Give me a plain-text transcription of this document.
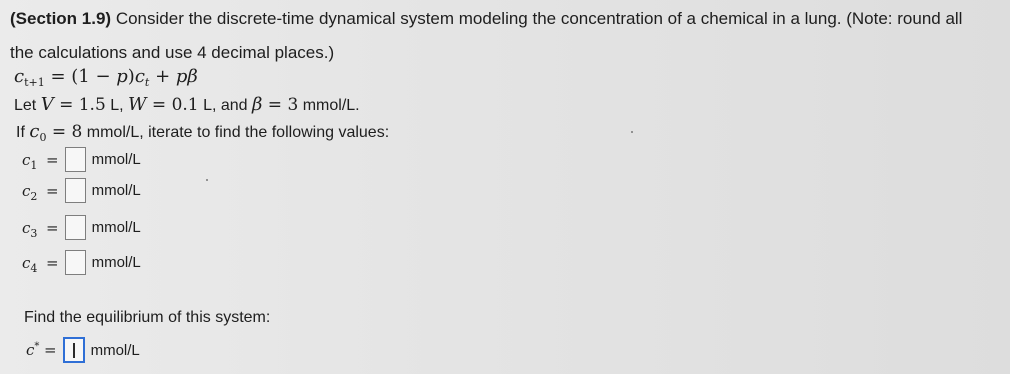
(Section 1.9) Consider the discrete-time dynamical system modeling the concentration of a chemical in a lung. (Note: round all
the calculations and use 4 decimal places.)
$c_{t+1} = (1 - p)c_t + p\beta$
Let V = 1.5 L, W = 0.1 L, and β = 3 mmol/L.
If $c_0 = 8$ mmol/L, iterate to find the following values:
$c_1$ = mmol/L
$c_2$ = mmol/L
$c_3$ = mmol/L
$c_4$ = mmol/L
Find the equilibrium of this system:
c* = mmol/L
